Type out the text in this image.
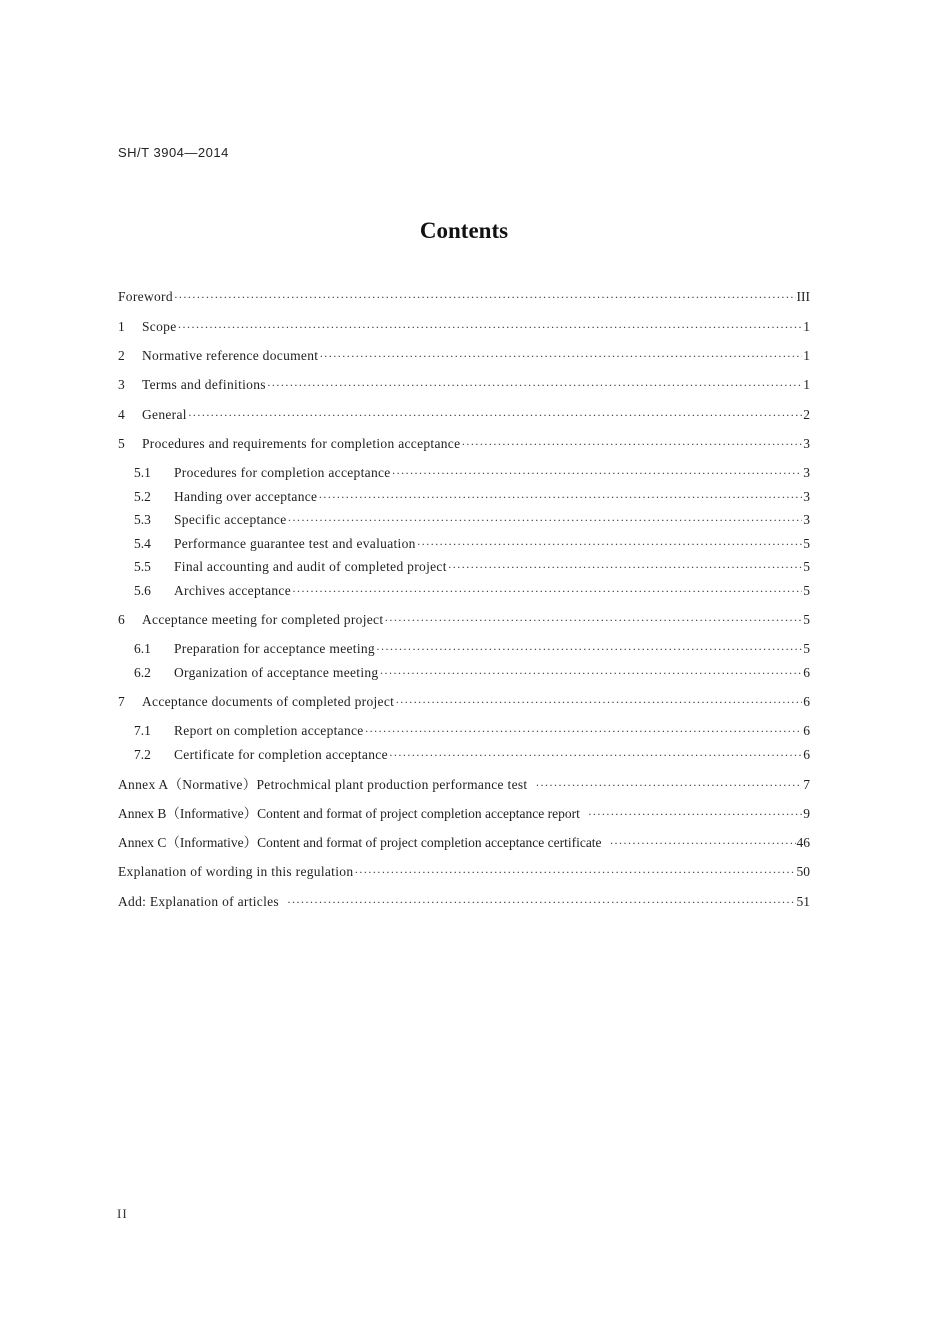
SH/T 3904—2014
Contents
Foreword ·····	III
1	Scope ·····	1
2	Normative reference document ·····	1
3	Terms and definitions ·····	1
4	General ·····	2
5	Procedures and requirements for completion acceptance ·····	3
5.1	Procedures for completion acceptance ·····	3
5.2	Handing over acceptance ·····	3
5.3	Specific acceptance ·····	3
5.4	Performance guarantee test and evaluation ·····	5
5.5	Final accounting and audit of completed project ·····	5
5.6	Archives acceptance ·····	5
6	Acceptance meeting for completed project ·····	5
6.1	Preparation for acceptance meeting ·····	5
6.2	Organization of acceptance meeting ·····	6
7	Acceptance documents of completed project ·····	6
7.1	Report on completion acceptance ·····	6
7.2	Certificate for completion acceptance ·····	6
Annex A（Normative）Petrochmical plant production performance test ·····	7
Annex B（Informative）Content and format of project completion acceptance report ·····	9
Annex C（Informative）Content and format of project completion acceptance certificate ·····	46
Explanation of wording in this regulation ·····	50
Add: Explanation of articles ·····	51
II
